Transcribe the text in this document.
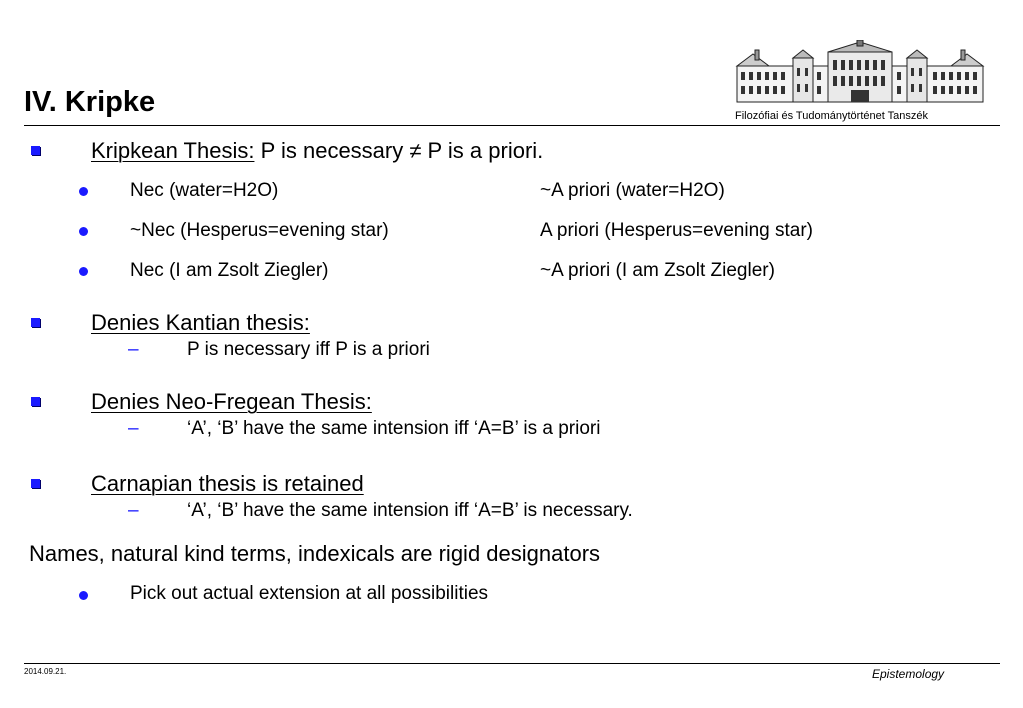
IV. Kripke	Filozófiai és Tudománytörténet Tanszék
Kripkean Thesis: P is necessary ≠ P is a priori.
Nec (water=H2O)	~A priori (water=H2O)
~Nec (Hesperus=evening star)	A priori (Hesperus=evening star)
Nec (I am Zsolt Ziegler)	~A priori (I am Zsolt Ziegler)
Denies Kantian thesis:
–	P is necessary iff P is a priori
Denies Neo-Fregean Thesis:
–	‘A’, ‘B’ have the same intension iff ‘A=B’ is a priori
Carnapian thesis is retained
–	‘A’, ‘B’ have the same intension iff ‘A=B’ is necessary.
Names, natural kind terms, indexicals are rigid designators
Pick out actual extension at all possibilities
2014.09.21.	Epistemology
